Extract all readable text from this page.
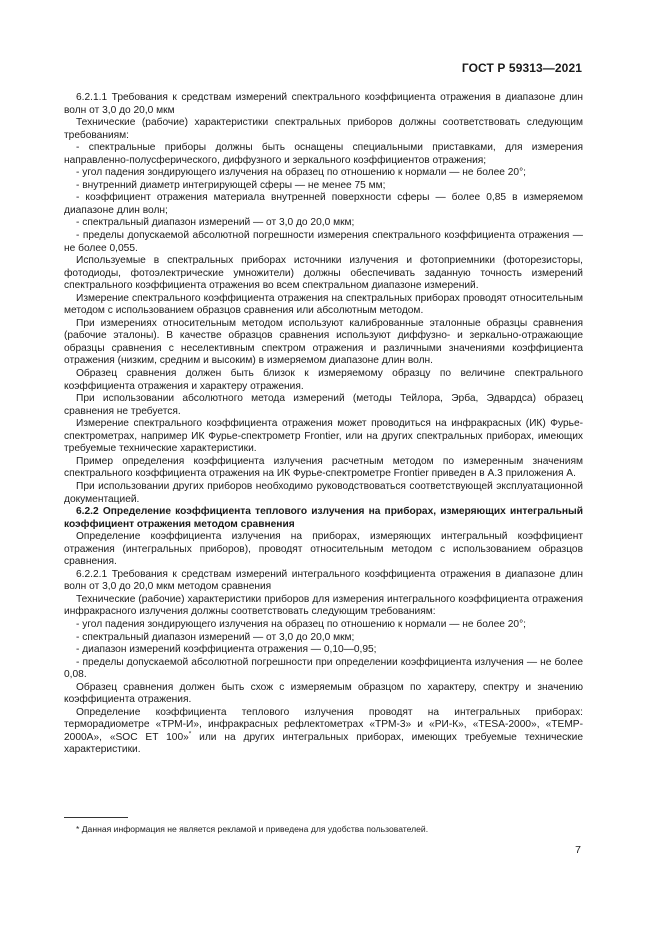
ГОСТ Р 59313—2021

6.2.1.1 Требования к средствам измерений спектрального коэффициента отражения в диапазоне длин волн от 3,0 до 20,0 мкм

Технические (рабочие) характеристики спектральных приборов должны соответствовать следующим требованиям:

- спектральные приборы должны быть оснащены специальными приставками, для измерения направленно-полусферического, диффузного и зеркального коэффициентов отражения;

- угол падения зондирующего излучения на образец по отношению к нормали — не более 20°;

- внутренний диаметр интегрирующей сферы — не менее 75 мм;

- коэффициент отражения материала внутренней поверхности сферы — более 0,85 в измеряемом диапазоне длин волн;

- спектральный диапазон измерений — от 3,0 до 20,0 мкм;

- пределы допускаемой абсолютной погрешности измерения спектрального коэффициента отражения — не более 0,055.

Используемые в спектральных приборах источники излучения и фотоприемники (фоторезисторы, фотодиоды, фотоэлектрические умножители) должны обеспечивать заданную точность измерений спектрального коэффициента отражения во всем спектральном диапазоне измерений.

Измерение спектрального коэффициента отражения на спектральных приборах проводят относительным методом с использованием образцов сравнения или абсолютным методом.

При измерениях относительным методом используют калиброванные эталонные образцы сравнения (рабочие эталоны). В качестве образцов сравнения используют диффузно- и зеркально-отражающие образцы сравнения с неселективным спектром отражения и различными значениями коэффициента отражения (низким, средним и высоким) в измеряемом диапазоне длин волн.

Образец сравнения должен быть близок к измеряемому образцу по величине спектрального коэффициента отражения и характеру отражения.

При использовании абсолютного метода измерений (методы Тейлора, Эрба, Эдвардса) образец сравнения не требуется.

Измерение спектрального коэффициента отражения может проводиться на инфракрасных (ИК) Фурье-спектрометрах, например ИК Фурье-спектрометр Frontier, или на других спектральных приборах, имеющих требуемые технические характеристики.

Пример определения коэффициента излучения расчетным методом по измеренным значениям спектрального коэффициента отражения на ИК Фурье-спектрометре Frontier приведен в А.3 приложения А.

При использовании других приборов необходимо руководствоваться соответствующей эксплуатационной документацией.

6.2.2 Определение коэффициента теплового излучения на приборах, измеряющих интегральный коэффициент отражения методом сравнения

Определение коэффициента излучения на приборах, измеряющих интегральный коэффициент отражения (интегральных приборов), проводят относительным методом с использованием образцов сравнения.

6.2.2.1 Требования к средствам измерений интегрального коэффициента отражения в диапазоне длин волн от 3,0 до 20,0 мкм методом сравнения

Технические (рабочие) характеристики приборов для измерения интегрального коэффициента отражения инфракрасного излучения должны соответствовать следующим требованиям:

- угол падения зондирующего излучения на образец по отношению к нормали — не более 20°;

- спектральный диапазон измерений — от 3,0 до 20,0 мкм;

- диапазон измерений коэффициента отражения — 0,10—0,95;

- пределы допускаемой абсолютной погрешности при определении коэффициента излучения — не более 0,08.

Образец сравнения должен быть схож с измеряемым образцом по характеру, спектру и значению коэффициента отражения.

Определение коэффициента теплового излучения проводят на интегральных приборах: терморадиометре «ТРМ-И», инфракрасных рефлектометрах «ТРМ-3» и «РИ-К», «TESA-2000», «TEMP-2000A», «SOC ET 100»* или на других интегральных приборах, имеющих требуемые технические характеристики.

* Данная информация не является рекламой и приведена для удобства пользователей.
7
